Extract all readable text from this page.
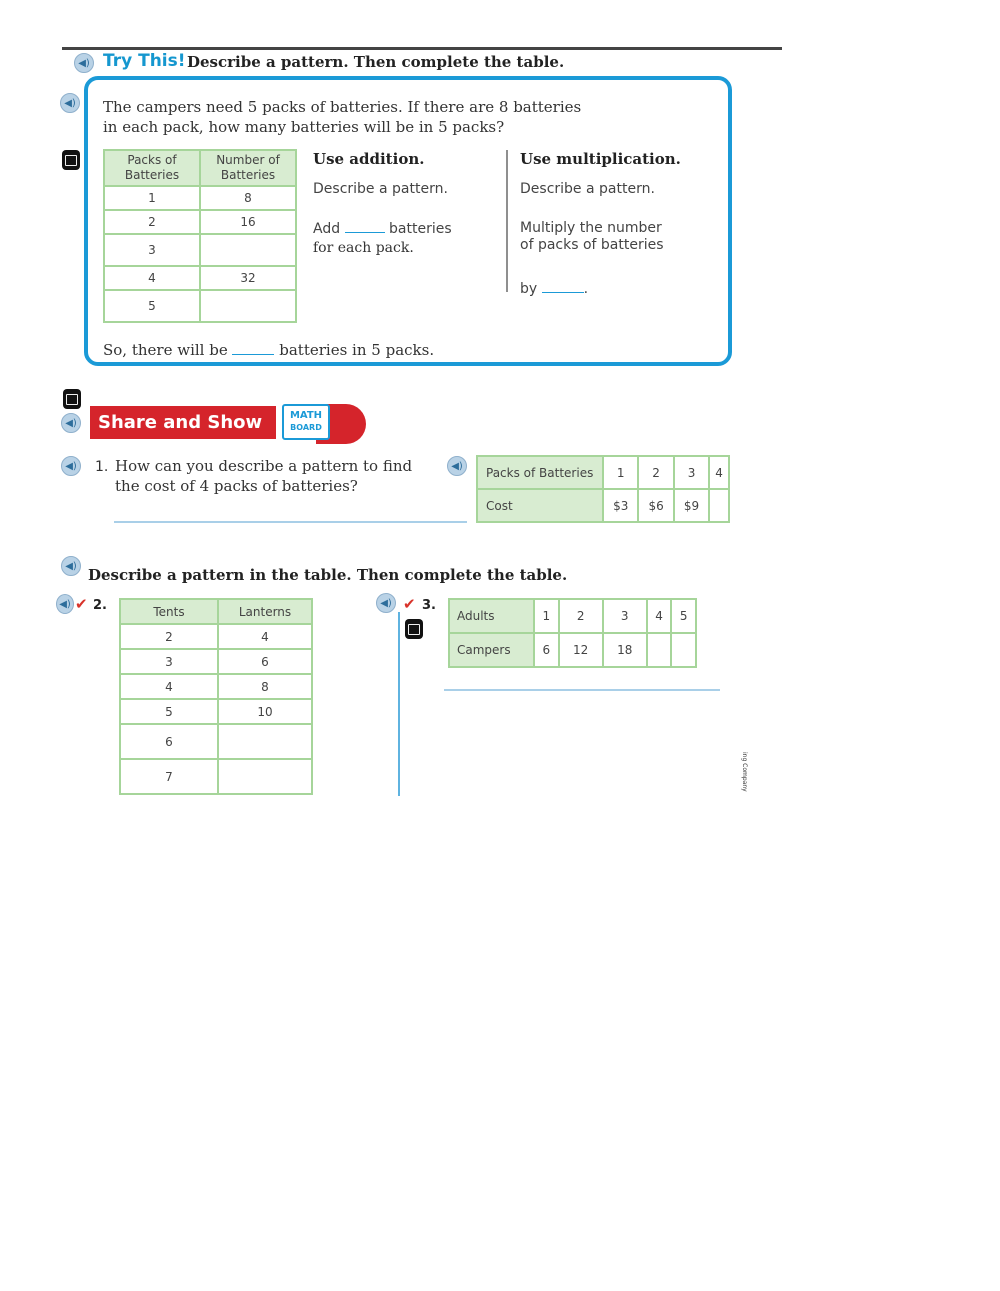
◀) Try This! Describe a pattern. Then complete the table.
◀) The campers need 5 packs of batteries. If there are 8 batteries
in each pack, how many batteries will be in 5 packs?
Packs of Batteries	Number of Batteries
1	8
2	16
3	
4	32
5	
Use addition.
Describe a pattern.
Add	batteries
for each pack.
Use multiplication.
Describe a pattern.
Multiply the number
of packs of batteries
by	.
So, there will be	batteries in 5 packs.
◀)	Share and Show	MATH
BOARD
◀)	1. How can you describe a pattern to find
the cost of 4 packs of batteries?
◀)	Packs of Batteries	1	2	3	4
Cost	$3	$6	$9	
◀) Describe a pattern in the table. Then complete the table.
◀) ✔ 2.	Tents	Lanterns
2	4
3	6
4	8
5	10
6	
7	
◀) ✔ 3.
Adults	1	2	3	4	5
Campers	6	12	18		
ing Company
